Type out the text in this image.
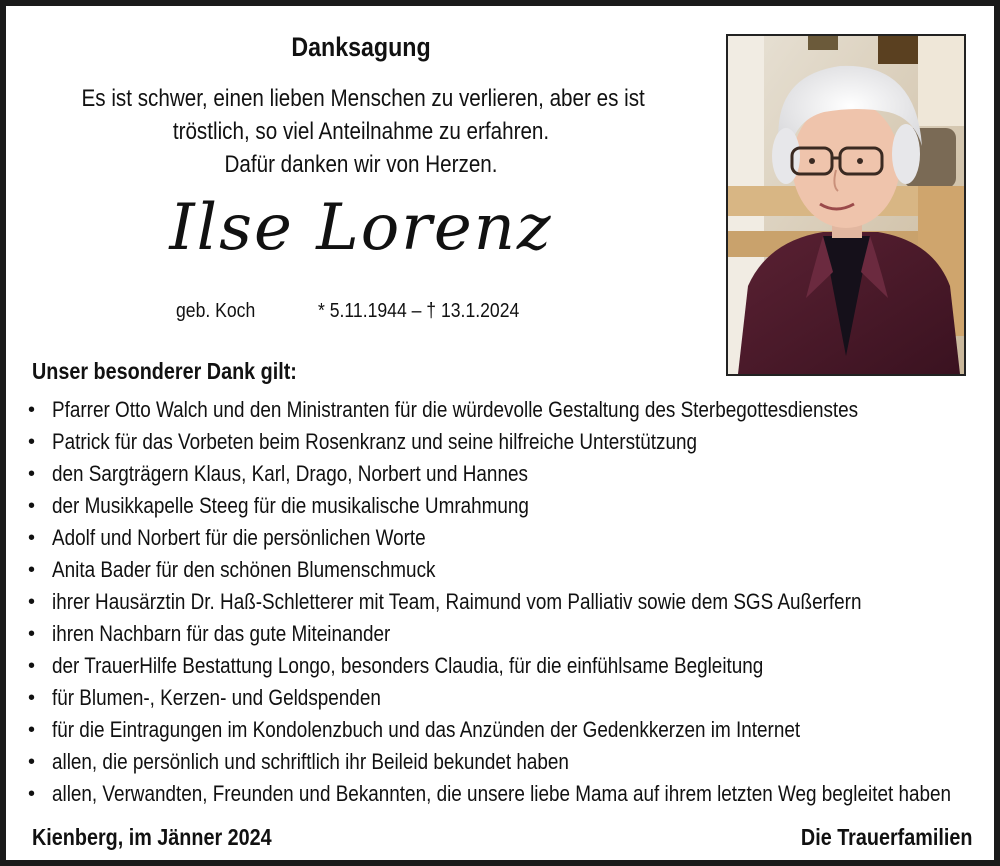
Danksagung
Es ist schwer, einen lieben Menschen zu verlieren, aber es ist
tröstlich, so viel Anteilnahme zu erfahren.
Dafür danken wir von Herzen.
Ilse Lorenz
geb. Koch	* 5.11.1944 – † 13.1.2024
Unser besonderer Dank gilt:
• Pfarrer Otto Walch und den Ministranten für die würdevolle Gestaltung des Sterbegottesdienstes
• Patrick für das Vorbeten beim Rosenkranz und seine hilfreiche Unterstützung
• den Sargträgern Klaus, Karl, Drago, Norbert und Hannes
• der Musikkapelle Steeg für die musikalische Umrahmung
• Adolf und Norbert für die persönlichen Worte
• Anita Bader für den schönen Blumenschmuck
• ihrer Hausärztin Dr. Haß-Schletterer mit Team, Raimund vom Palliativ sowie dem SGS Außerfern
• ihren Nachbarn für das gute Miteinander
• der TrauerHilfe Bestattung Longo, besonders Claudia, für die einfühlsame Begleitung
• für Blumen-, Kerzen- und Geldspenden
• für die Eintragungen im Kondolenzbuch und das Anzünden der Gedenkkerzen im Internet
• allen, die persönlich und schriftlich ihr Beileid bekundet haben
• allen, Verwandten, Freunden und Bekannten, die unsere liebe Mama auf ihrem letzten Weg begleitet haben
Kienberg, im Jänner 2024	Die Trauerfamilien
